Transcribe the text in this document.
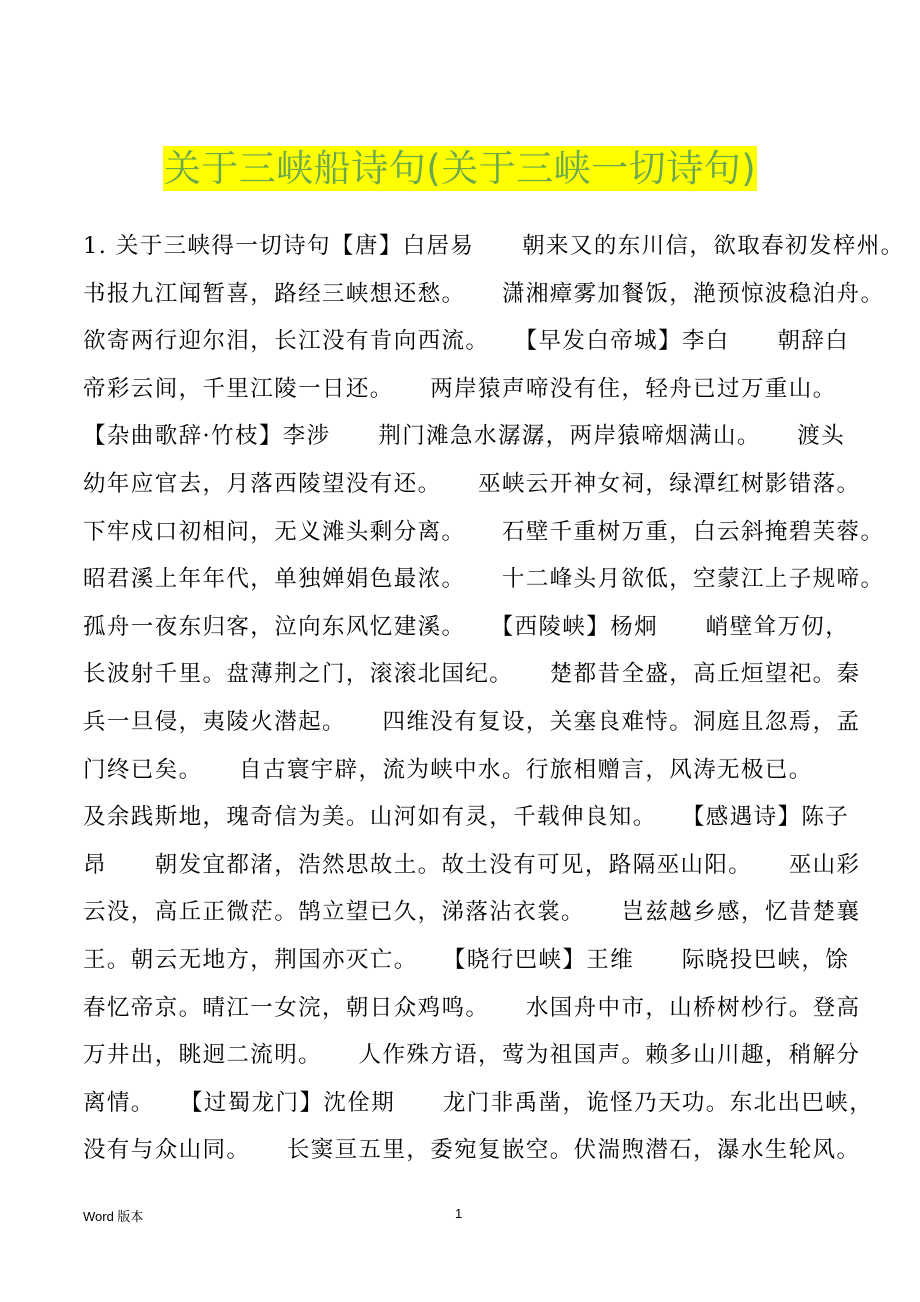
关于三峡船诗句(关于三峡一切诗句)
1. 关于三峡得一切诗句【唐】白居易　　朝来又的东川信，欲取春初发梓州。
书报九江闻暂喜，路经三峡想还愁。　　潇湘瘴雾加餐饭，滟预惊波稳泊舟。
欲寄两行迎尔泪，长江没有肯向西流。　　【早发白帝城】李白　　朝辞白
帝彩云间，千里江陵一日还。　　两岸猿声啼没有住，轻舟已过万重山。
【杂曲歌辞·竹枝】李涉　　荆门滩急水潺潺，两岸猿啼烟满山。　　渡头
幼年应官去，月落西陵望没有还。　　巫峡云开神女祠，绿潭红树影错落。
下牢戍口初相问，无义滩头剩分离。　　石壁千重树万重，白云斜掩碧芙蓉。
昭君溪上年年代，单独婵娟色最浓。　　十二峰头月欲低，空蒙江上子规啼。
孤舟一夜东归客，泣向东风忆建溪。　　【西陵峡】杨炯　　峭壁耸万仞，
长波射千里。盘薄荆之门，滚滚北国纪。　　楚都昔全盛，高丘烜望祀。秦
兵一旦侵，夷陵火潜起。　　四维没有复设，关塞良难恃。洞庭且忽焉，孟
门终已矣。　　自古寰宇辟，流为峡中水。行旅相赠言，风涛无极已。
及余践斯地，瑰奇信为美。山河如有灵，千载伸良知。　　【感遇诗】陈子
昂　　朝发宜都渚，浩然思故土。故土没有可见，路隔巫山阳。　　巫山彩
云没，高丘正微茫。鹄立望已久，涕落沾衣裳。　　岂兹越乡感，忆昔楚襄
王。朝云无地方，荆国亦灭亡。　　【晓行巴峡】王维　　际晓投巴峡，馀
春忆帝京。晴江一女浣，朝日众鸡鸣。　　水国舟中市，山桥树杪行。登高
万井出，眺迥二流明。　　人作殊方语，莺为祖国声。赖多山川趣，稍解分
离情。　　【过蜀龙门】沈佺期　　龙门非禹凿，诡怪乃天功。东北出巴峡，
没有与众山同。　　长窦亘五里，委宛复嵌空。伏湍煦潜石，瀑水生轮风。
Word 版本	1
